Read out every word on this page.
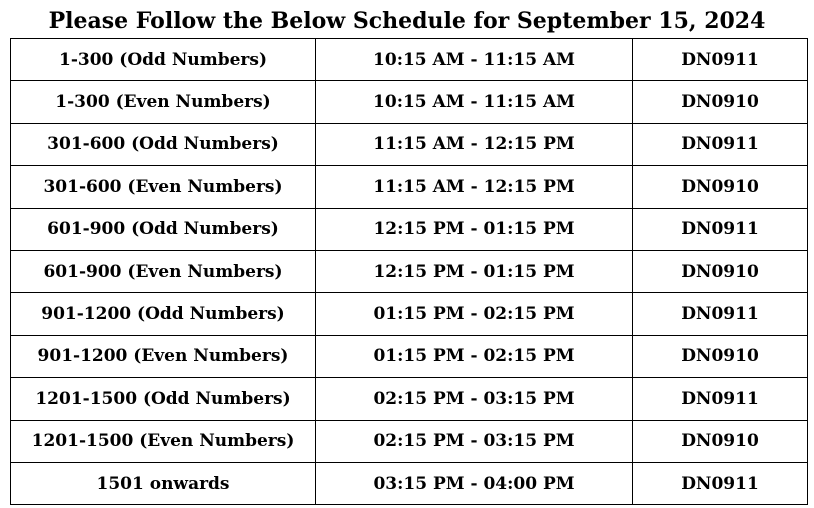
Please Follow the Below Schedule for September 15, 2024
1-300 (Odd Numbers)	10:15 AM - 11:15 AM	DN0911
1-300 (Even Numbers)	10:15 AM - 11:15 AM	DN0910
301-600 (Odd Numbers)	11:15 AM - 12:15 PM	DN0911
301-600 (Even Numbers)	11:15 AM - 12:15 PM	DN0910
601-900 (Odd Numbers)	12:15 PM - 01:15 PM	DN0911
601-900 (Even Numbers)	12:15 PM - 01:15 PM	DN0910
901-1200 (Odd Numbers)	01:15 PM - 02:15 PM	DN0911
901-1200 (Even Numbers)	01:15 PM - 02:15 PM	DN0910
1201-1500 (Odd Numbers)	02:15 PM - 03:15 PM	DN0911
1201-1500 (Even Numbers)	02:15 PM - 03:15 PM	DN0910
1501 onwards	03:15 PM - 04:00 PM	DN0911
